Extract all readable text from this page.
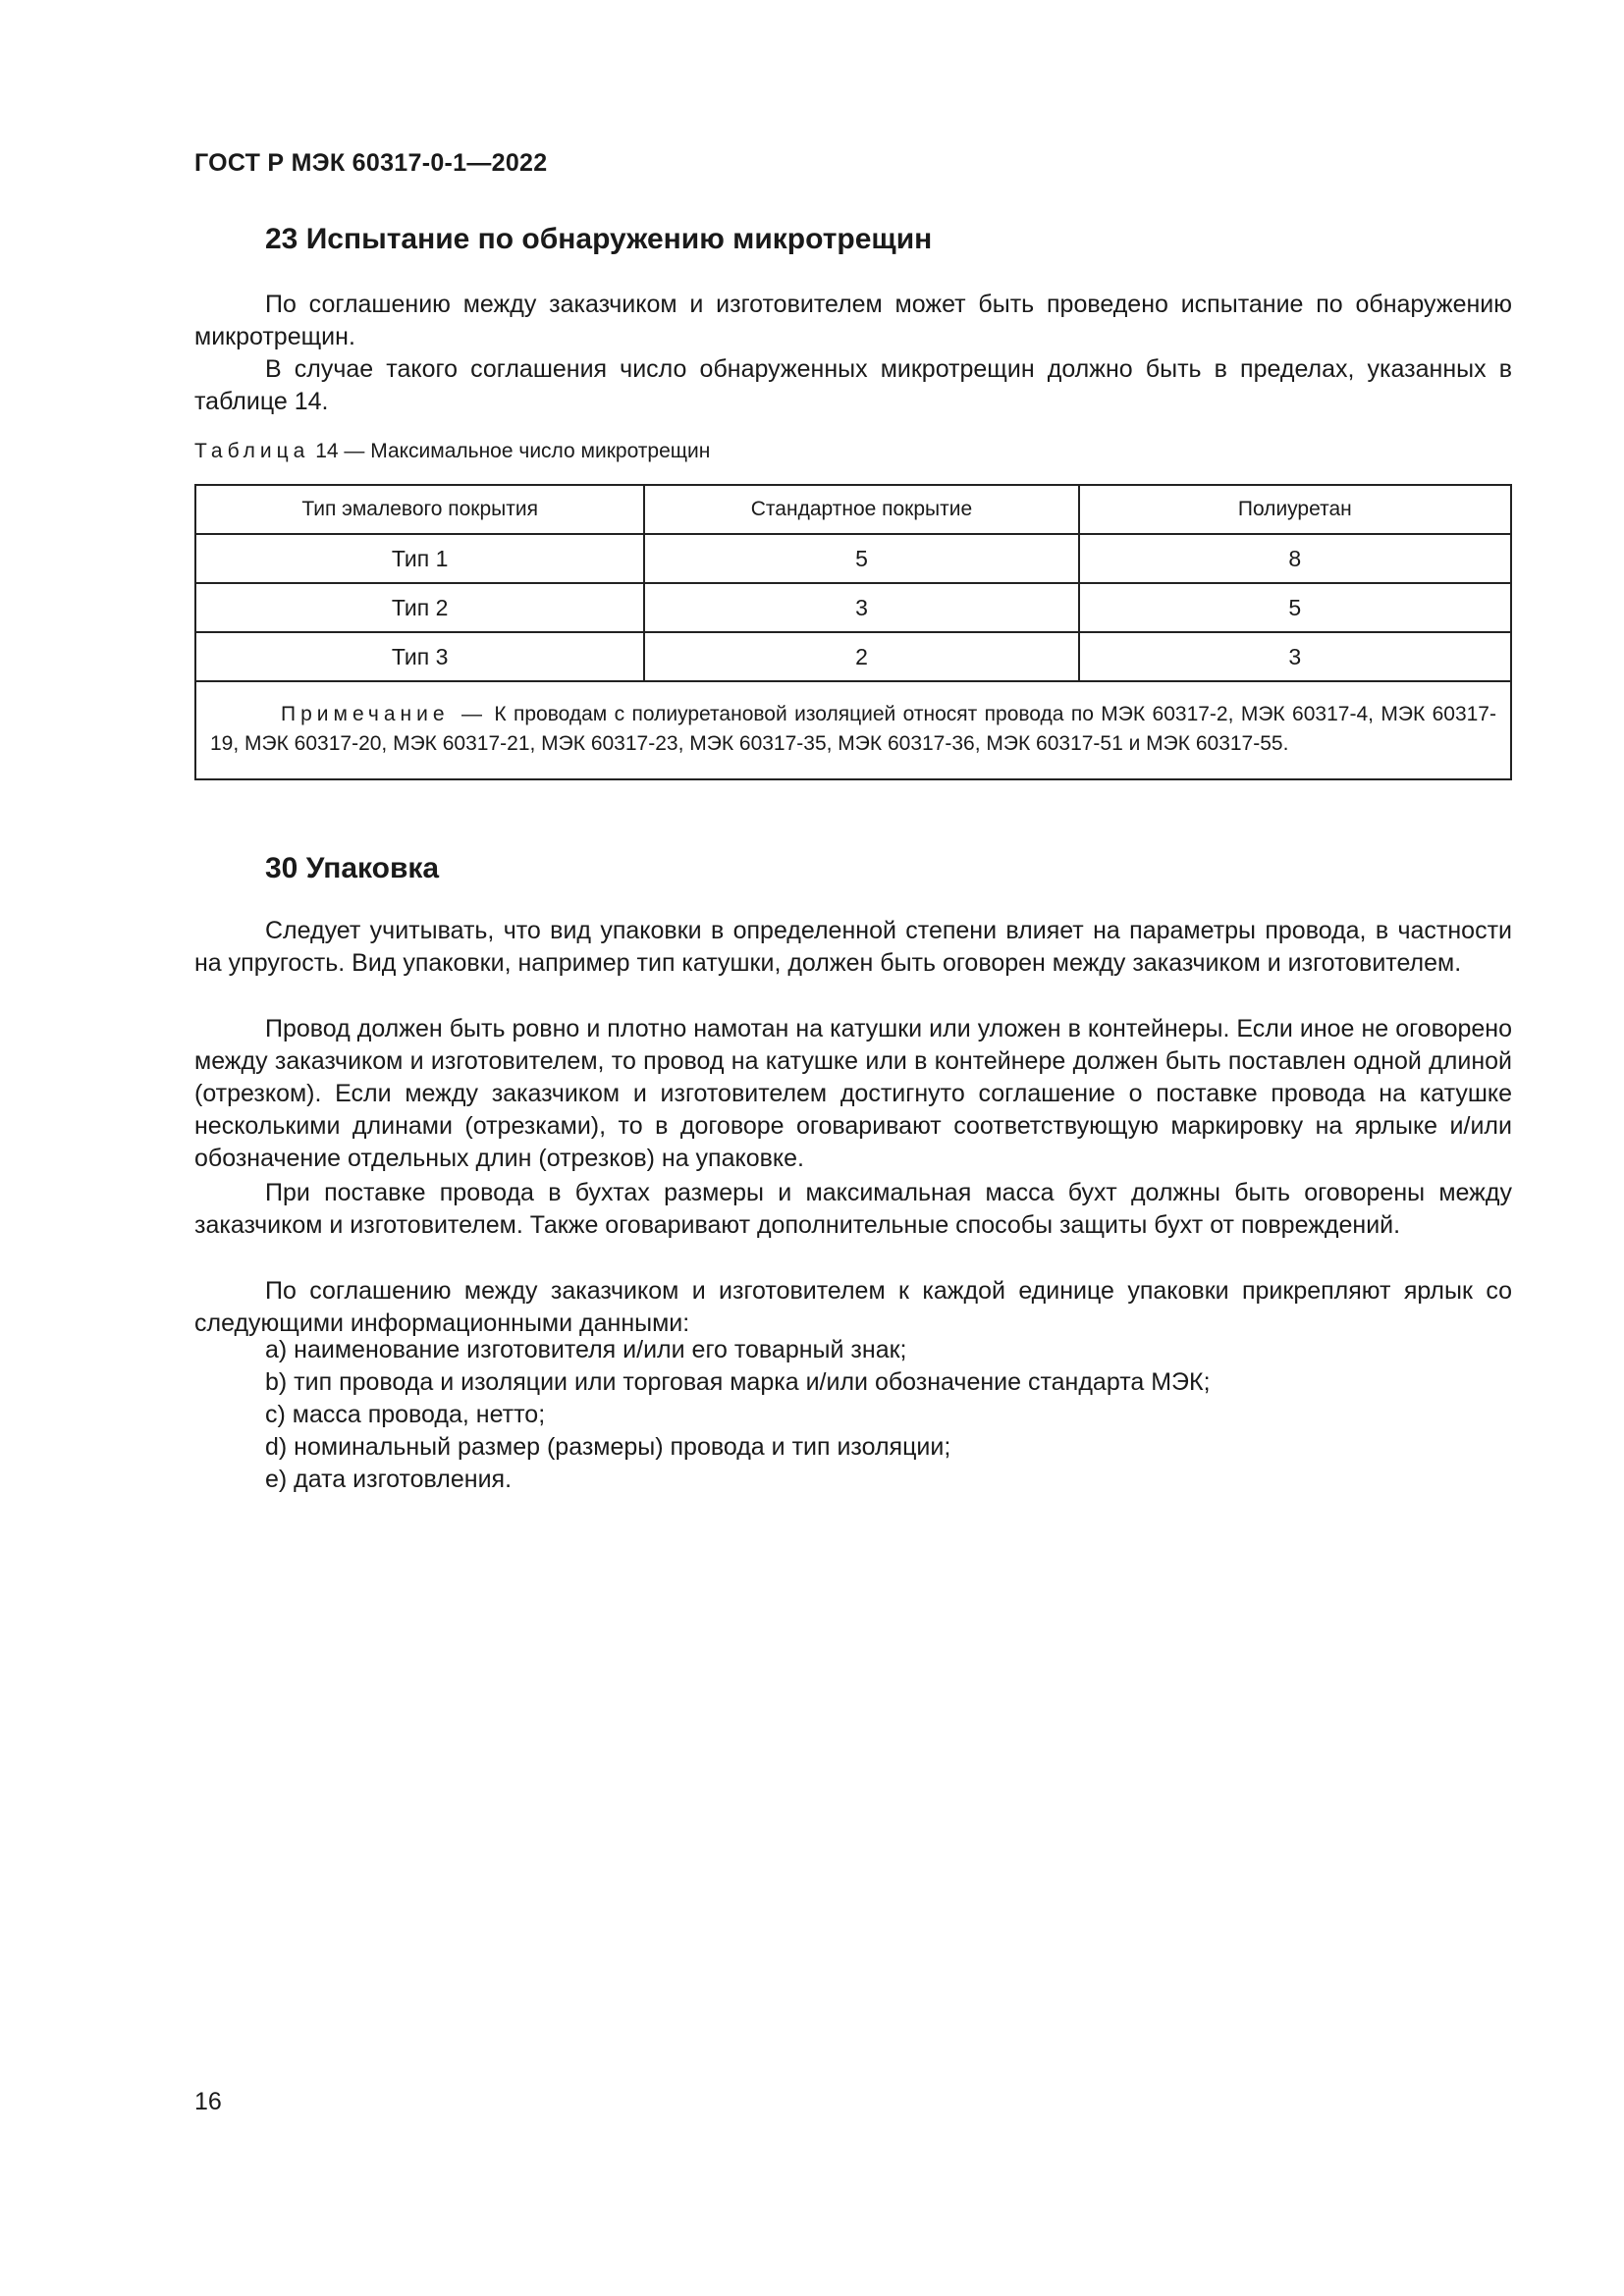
ГОСТ Р МЭК 60317-0-1—2022
23 Испытание по обнаружению микротрещин

По соглашению между заказчиком и изготовителем может быть проведено испытание по обнаружению микротрещин.

В случае такого соглашения число обнаруженных микротрещин должно быть в пределах, указанных в таблице 14.

Таблица 14 — Максимальное число микротрещин
Тип эмалевого покрытия	Стандартное покрытие	Полиуретан
Тип 1	5	8
Тип 2	3	5
Тип 3	2	3
Примечание — К проводам с полиуретановой изоляцией относят провода по МЭК 60317-2, МЭК 60317-4, МЭК 60317-19, МЭК 60317-20, МЭК 60317-21, МЭК 60317-23, МЭК 60317-35, МЭК 60317-36, МЭК 60317-51 и МЭК 60317-55.		
30 Упаковка

Следует учитывать, что вид упаковки в определенной степени влияет на параметры провода, в частности на упругость. Вид упаковки, например тип катушки, должен быть оговорен между заказчиком и изготовителем.

Провод должен быть ровно и плотно намотан на катушки или уложен в контейнеры. Если иное не оговорено между заказчиком и изготовителем, то провод на катушке или в контейнере должен быть поставлен одной длиной (отрезком). Если между заказчиком и изготовителем достигнуто соглашение о поставке провода на катушке несколькими длинами (отрезками), то в договоре оговаривают соответствующую маркировку на ярлыке и/или обозначение отдельных длин (отрезков) на упаковке.

При поставке провода в бухтах размеры и максимальная масса бухт должны быть оговорены между заказчиком и изготовителем. Также оговаривают дополнительные способы защиты бухт от повреждений.

По соглашению между заказчиком и изготовителем к каждой единице упаковки прикрепляют ярлык со следующими информационными данными:

а) наименование изготовителя и/или его товарный знак;
b) тип провода и изоляции или торговая марка и/или обозначение стандарта МЭК;
с) масса провода, нетто;
d) номинальный размер (размеры) провода и тип изоляции;
е) дата изготовления.
16
